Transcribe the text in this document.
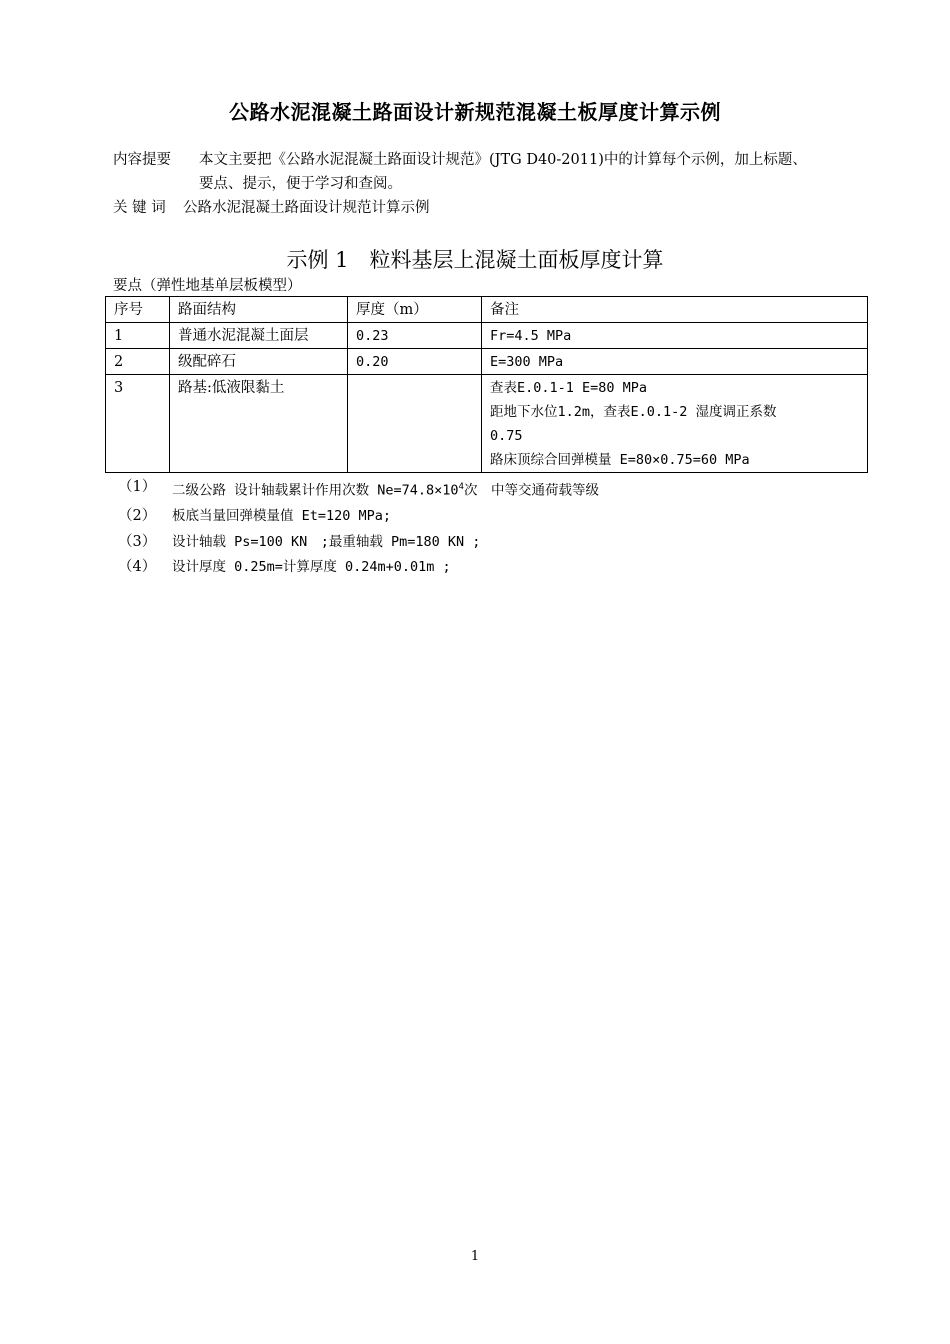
公路水泥混凝土路面设计新规范混凝土板厚度计算示例
内容提要	本文主要把《公路水泥混凝土路面设计规范》(JTG D40-2011)中的计算每个示例，加上标题、
要点、提示，便于学习和查阅。
关 键 词	公路水泥混凝土路面设计规范计算示例
示例 1　粒料基层上混凝土面板厚度计算
要点（弹性地基单层板模型）
序号	路面结构	厚度（m）	备注
1	普通水泥混凝土面层	0.23	Fr=4.5 MPa
2	级配碎石	0.20	E=300 MPa
3	路基:低液限黏土		查表E.0.1-1 E=80 MPa
距地下水位1.2m，查表E.0.1-2 湿度调正系数
0.75
路床顶综合回弹模量 E=80×0.75=60 MPa
（1）	二级公路 设计轴载累计作用次数 $Ne=74.8\times 10^4$次　中等交通荷载等级
（2）	板底当量回弹模量值 Et=120 MPa;
（3）	设计轴载 Ps=100 KN　;最重轴载 Pm=180 KN ;
（4）	设计厚度 0.25m=计算厚度 0.24m+0.01m ;
1
